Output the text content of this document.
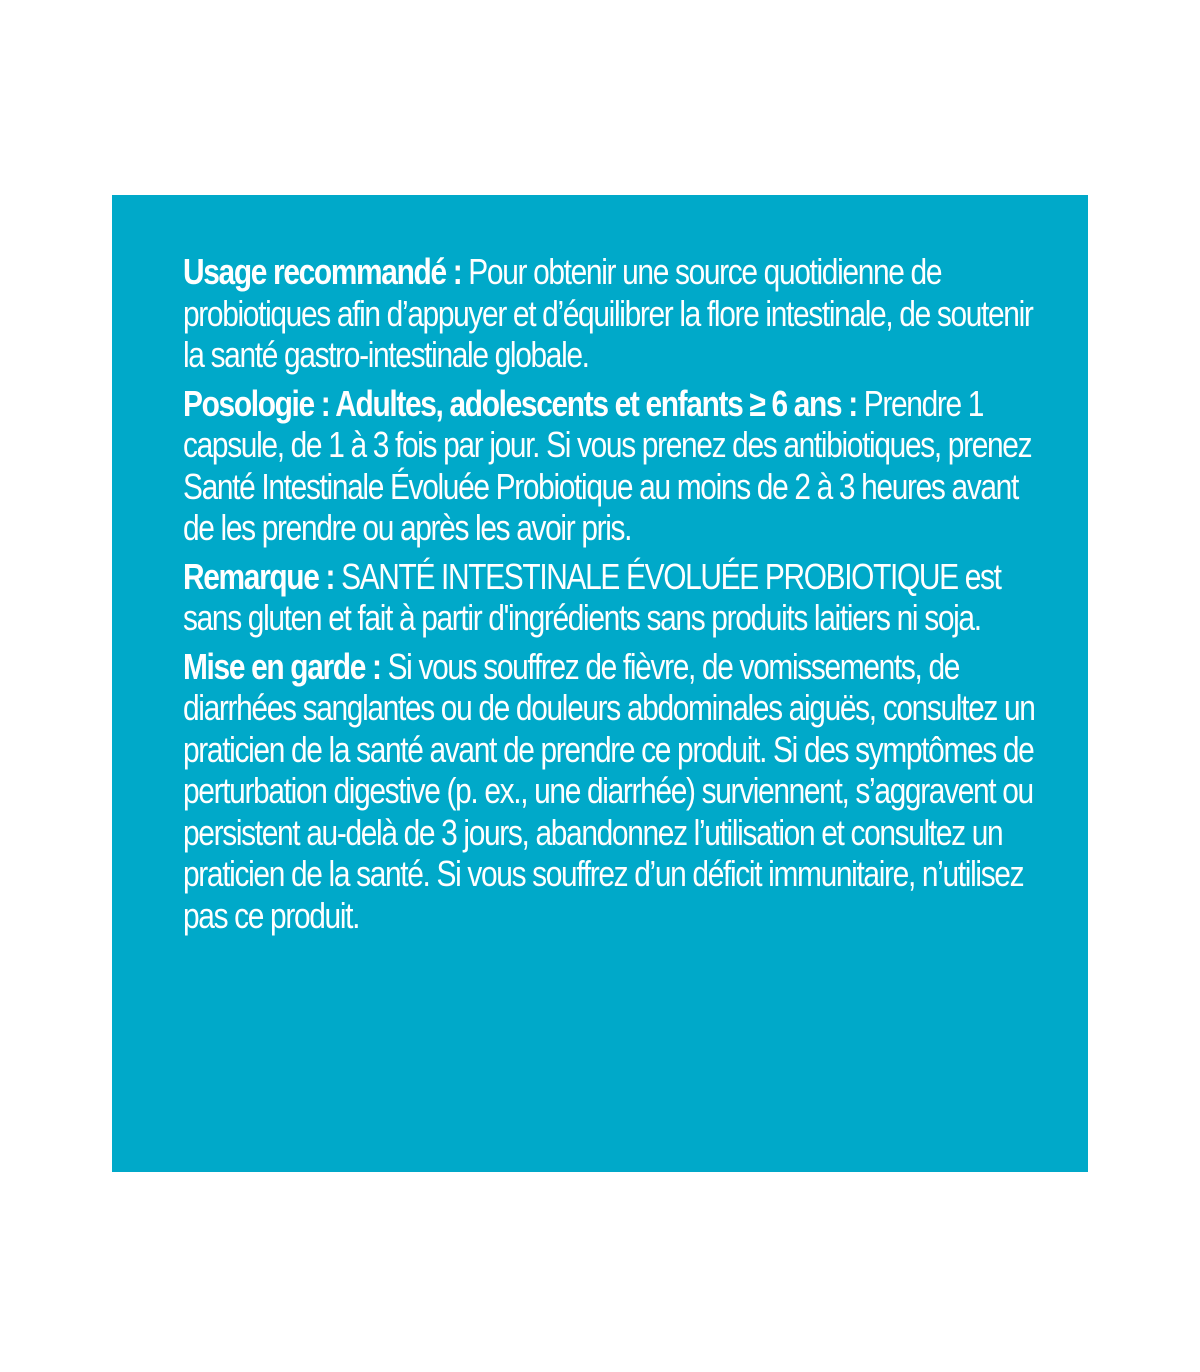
Usage recommandé : Pour obtenir une source quotidienne de probiotiques afin d’appuyer et d’équilibrer la flore intestinale, de soutenir la santé gastro-intestinale globale.

Posologie : Adultes, adolescents et enfants ≥ 6 ans : Prendre 1 capsule, de 1 à 3 fois par jour. Si vous prenez des antibiotiques, prenez Santé Intestinale Évoluée Probiotique au moins de 2 à 3 heures avant de les prendre ou après les avoir pris.

Remarque : SANTÉ INTESTINALE ÉVOLUÉE PROBIOTIQUE est sans gluten et fait à partir d'ingrédients sans produits laitiers ni soja.

Mise en garde : Si vous souffrez de fièvre, de vomissements, de diarrhées sanglantes ou de douleurs abdominales aiguës, consultez un praticien de la santé avant de prendre ce produit. Si des symptômes de perturbation digestive (p. ex., une diarrhée) surviennent, s’aggravent ou persistent au-delà de 3 jours, abandonnez l’utilisation et consultez un praticien de la santé. Si vous souffrez d’un déficit immunitaire, n’utilisez pas ce produit.
